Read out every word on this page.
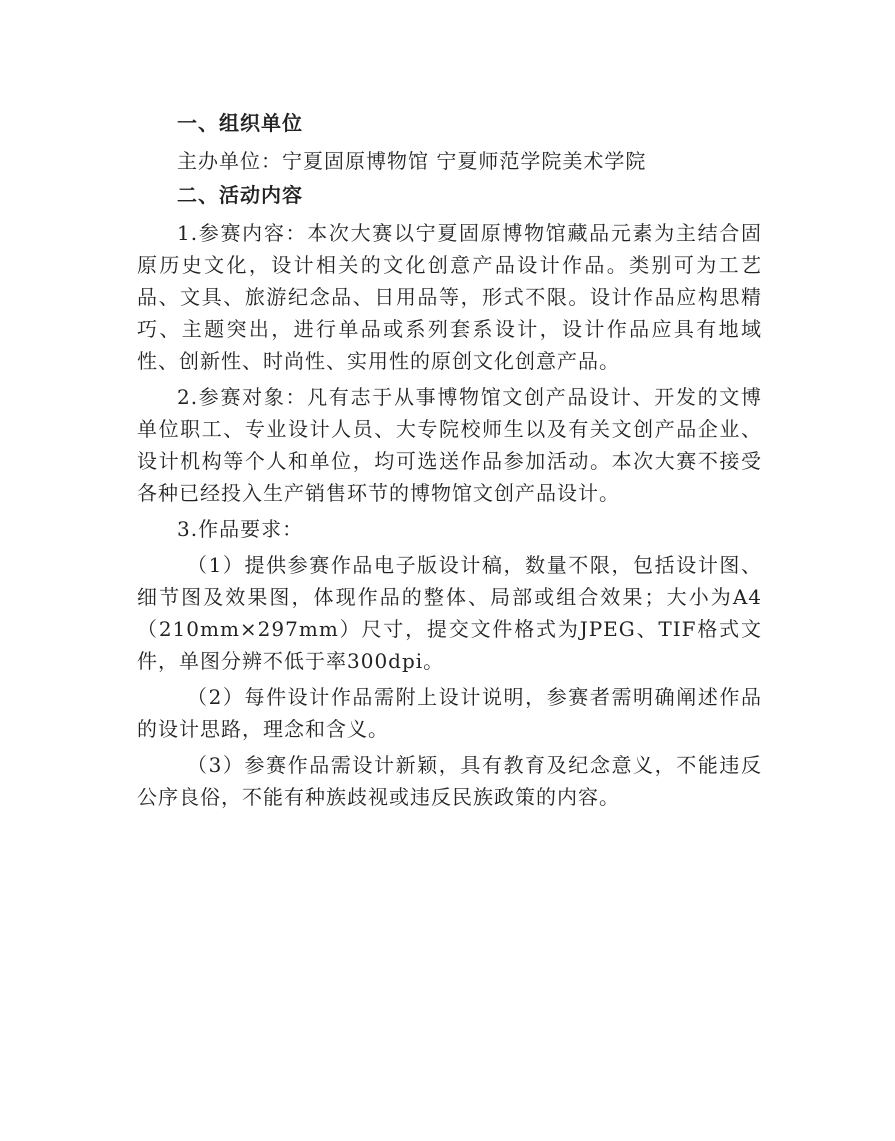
一、组织单位

主办单位：宁夏固原博物馆 宁夏师范学院美术学院

二、活动内容

1.参赛内容：本次大赛以宁夏固原博物馆藏品元素为主结合固原历史文化，设计相关的文化创意产品设计作品。类别可为工艺品、文具、旅游纪念品、日用品等，形式不限。设计作品应构思精巧、主题突出，进行单品或系列套系设计，设计作品应具有地域性、创新性、时尚性、实用性的原创文化创意产品。

2.参赛对象：凡有志于从事博物馆文创产品设计、开发的文博单位职工、专业设计人员、大专院校师生以及有关文创产品企业、设计机构等个人和单位，均可选送作品参加活动。本次大赛不接受各种已经投入生产销售环节的博物馆文创产品设计。

3.作品要求：

（1）提供参赛作品电子版设计稿，数量不限，包括设计图、细节图及效果图，体现作品的整体、局部或组合效果；大小为A4（210mm×297mm）尺寸，提交文件格式为JPEG、TIF格式文件，单图分辨不低于率300dpi。

（2）每件设计作品需附上设计说明，参赛者需明确阐述作品的设计思路，理念和含义。

（3）参赛作品需设计新颖，具有教育及纪念意义，不能违反公序良俗，不能有种族歧视或违反民族政策的内容。
